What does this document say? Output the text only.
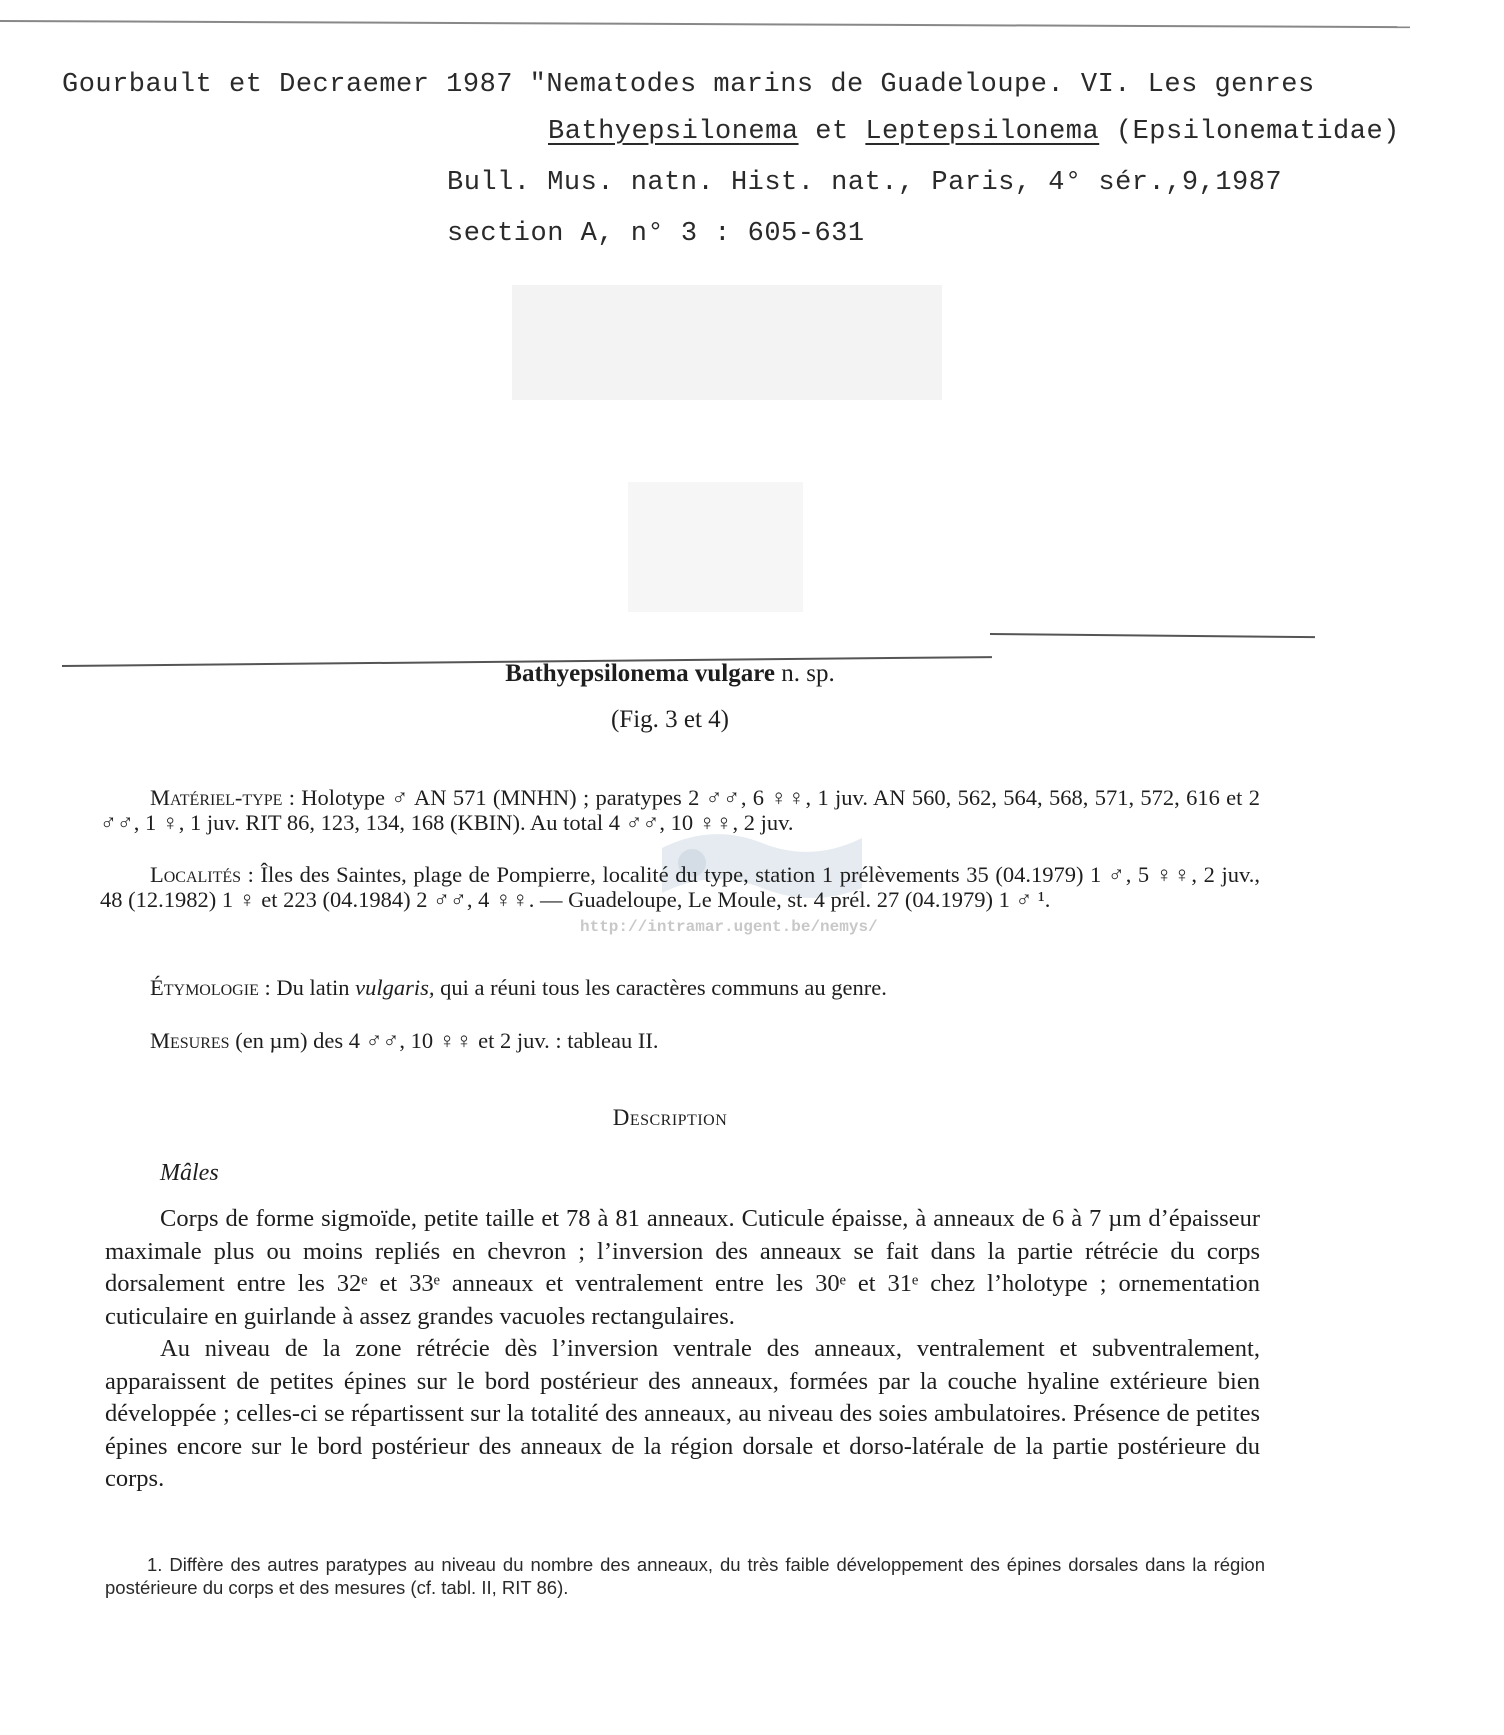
Gourbault et Decraemer 1987 "Nematodes marins de Guadeloupe. VI. Les genres
Bathyepsilonema et Leptepsilonema (Epsilonematidae)
Bull. Mus. natn. Hist. nat., Paris, 4° sér.,9,1987
section A, n° 3 : 605-631
http://intramar.ugent.be/nemys/
Bathyepsilonema vulgare n. sp.
(Fig. 3 et 4)
Matériel-type : Holotype ♂ AN 571 (MNHN) ; paratypes 2 ♂♂, 6 ♀♀, 1 juv. AN 560, 562, 564, 568, 571, 572, 616 et 2 ♂♂, 1 ♀, 1 juv. RIT 86, 123, 134, 168 (KBIN). Au total 4 ♂♂, 10 ♀♀, 2 juv.
Localités : Îles des Saintes, plage de Pompierre, localité du type, station 1 prélèvements 35 (04.1979) 1 ♂, 5 ♀♀, 2 juv., 48 (12.1982) 1 ♀ et 223 (04.1984) 2 ♂♂, 4 ♀♀. — Guadeloupe, Le Moule, st. 4 prél. 27 (04.1979) 1 ♂ ¹.
Étymologie : Du latin vulgaris, qui a réuni tous les caractères communs au genre.
Mesures (en µm) des 4 ♂♂, 10 ♀♀ et 2 juv. : tableau II.
Description
Mâles

Corps de forme sigmoïde, petite taille et 78 à 81 anneaux. Cuticule épaisse, à anneaux de 6 à 7 µm d’épaisseur maximale plus ou moins repliés en chevron ; l’inversion des anneaux se fait dans la partie rétrécie du corps dorsalement entre les 32ᵉ et 33ᵉ anneaux et ventralement entre les 30ᵉ et 31ᵉ chez l’holotype ; ornementation cuticulaire en guirlande à assez grandes vacuoles rectangulaires.

Au niveau de la zone rétrécie dès l’inversion ventrale des anneaux, ventralement et subventralement, apparaissent de petites épines sur le bord postérieur des anneaux, formées par la couche hyaline extérieure bien développée ; celles-ci se répartissent sur la totalité des anneaux, au niveau des soies ambulatoires. Présence de petites épines encore sur le bord postérieur des anneaux de la région dorsale et dorso-latérale de la partie postérieure du corps.

1. Diffère des autres paratypes au niveau du nombre des anneaux, du très faible développement des épines dorsales dans la région postérieure du corps et des mesures (cf. tabl. II, RIT 86).
